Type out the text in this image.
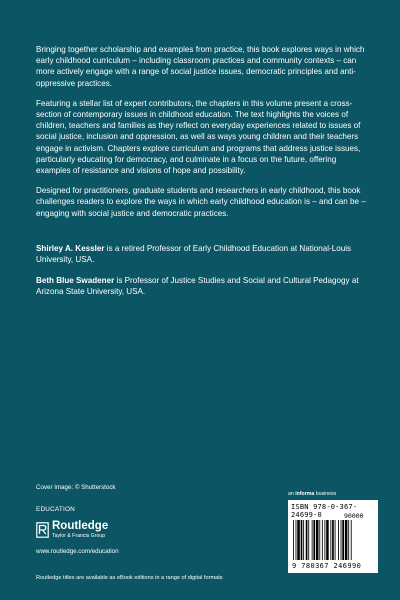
Bringing together scholarship and examples from practice, this book explores ways in which early childhood curriculum – including classroom practices and community contexts – can more actively engage with a range of social justice issues, democratic principles and anti-oppressive practices.

Featuring a stellar list of expert contributors, the chapters in this volume present a cross-section of contemporary issues in childhood education. The text highlights the voices of children, teachers and families as they reflect on everyday experiences related to issues of social justice, inclusion and oppression, as well as ways young children and their teachers engage in activism. Chapters explore curriculum and programs that address justice issues, particularly educating for democracy, and culminate in a focus on the future, offering examples of resistance and visions of hope and possibility.

Designed for practitioners, graduate students and researchers in early childhood, this book challenges readers to explore the ways in which early childhood education is – and can be – engaging with social justice and democratic practices.

Shirley A. Kessler is a retired Professor of Early Childhood Education at National-Louis University, USA.

Beth Blue Swadener is Professor of Justice Studies and Social and Cultural Pedagogy at Arizona State University, USA.

Cover Image: © Shutterstock
EDUCATION
Routledge
Taylor & Francis Group
www.routledge.com/education
Routledge titles are available as eBook editions in a range of digital formats
an informa business
ISBN 978-0-367-24699-0	90000
9 780367 246990
